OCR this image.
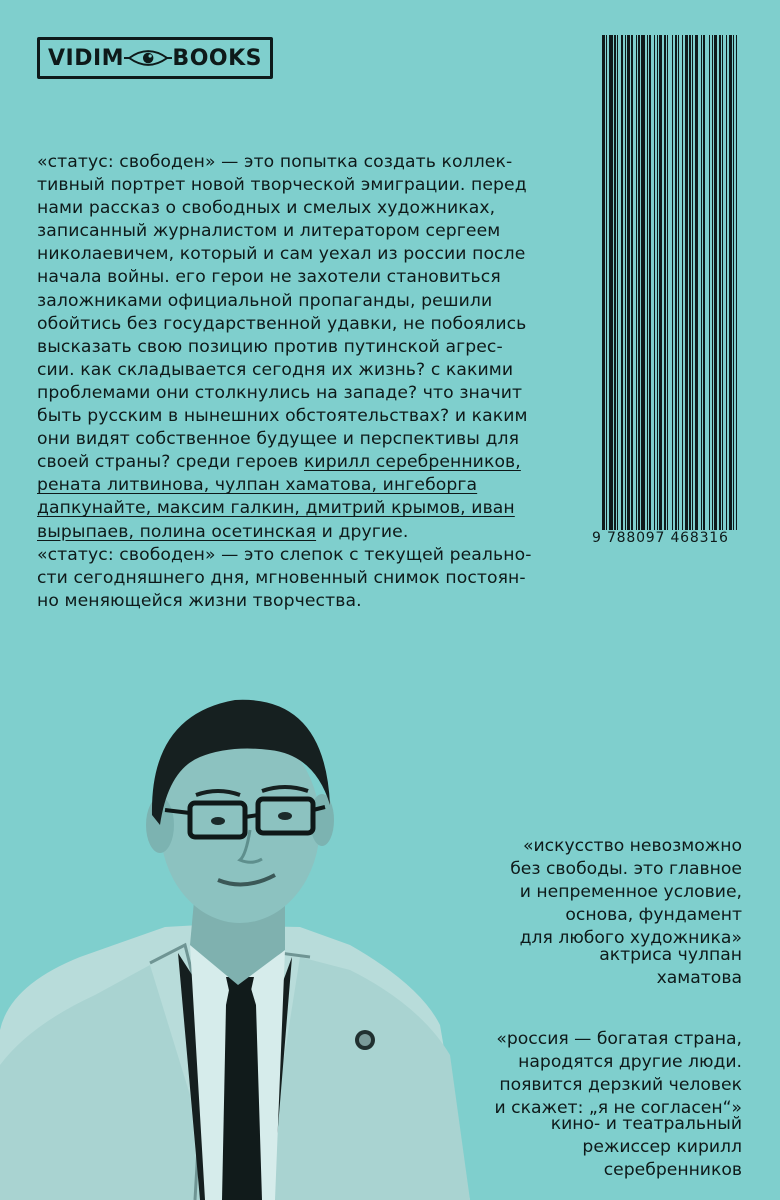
VIDIM BOOKS
9 788097 468316

«статус: свободен» — это попытка создать коллек-

тивный портрет новой творческой эмиграции. перед

нами рассказ о свободных и смелых художниках,

записанный журналистом и литератором сергеем

николаевичем, который и сам уехал из россии после

начала войны. его герои не захотели становиться

заложниками официальной пропаганды, решили

обойтись без государственной удавки, не побоялись

высказать свою позицию против путинской агрес-

сии. как складывается сегодня их жизнь? с какими

проблемами они столкнулись на западе? что значит

быть русским в нынешних обстоятельствах? и каким

они видят собственное будущее и перспективы для

своей страны? среди героев кирилл серебренников,

рената литвинова, чулпан хаматова, ингеборга

дапкунайте, максим галкин, дмитрий крымов, иван

вырыпаев, полина осетинская и другие.

«статус: свободен» — это слепок с текущей реально-

сти сегодняшнего дня, мгновенный снимок постоян-

но меняющейся жизни творчества.

«искусство невозможно
без свободы. это главное
и непременное условие,
основа, фундамент
для любого художника»
актриса чулпан
хаматова
«россия — богатая страна,
народятся другие люди.
появится дерзкий человек
и скажет: „я не согласен“»
кино- и театральный
режиссер кирилл
серебренников
